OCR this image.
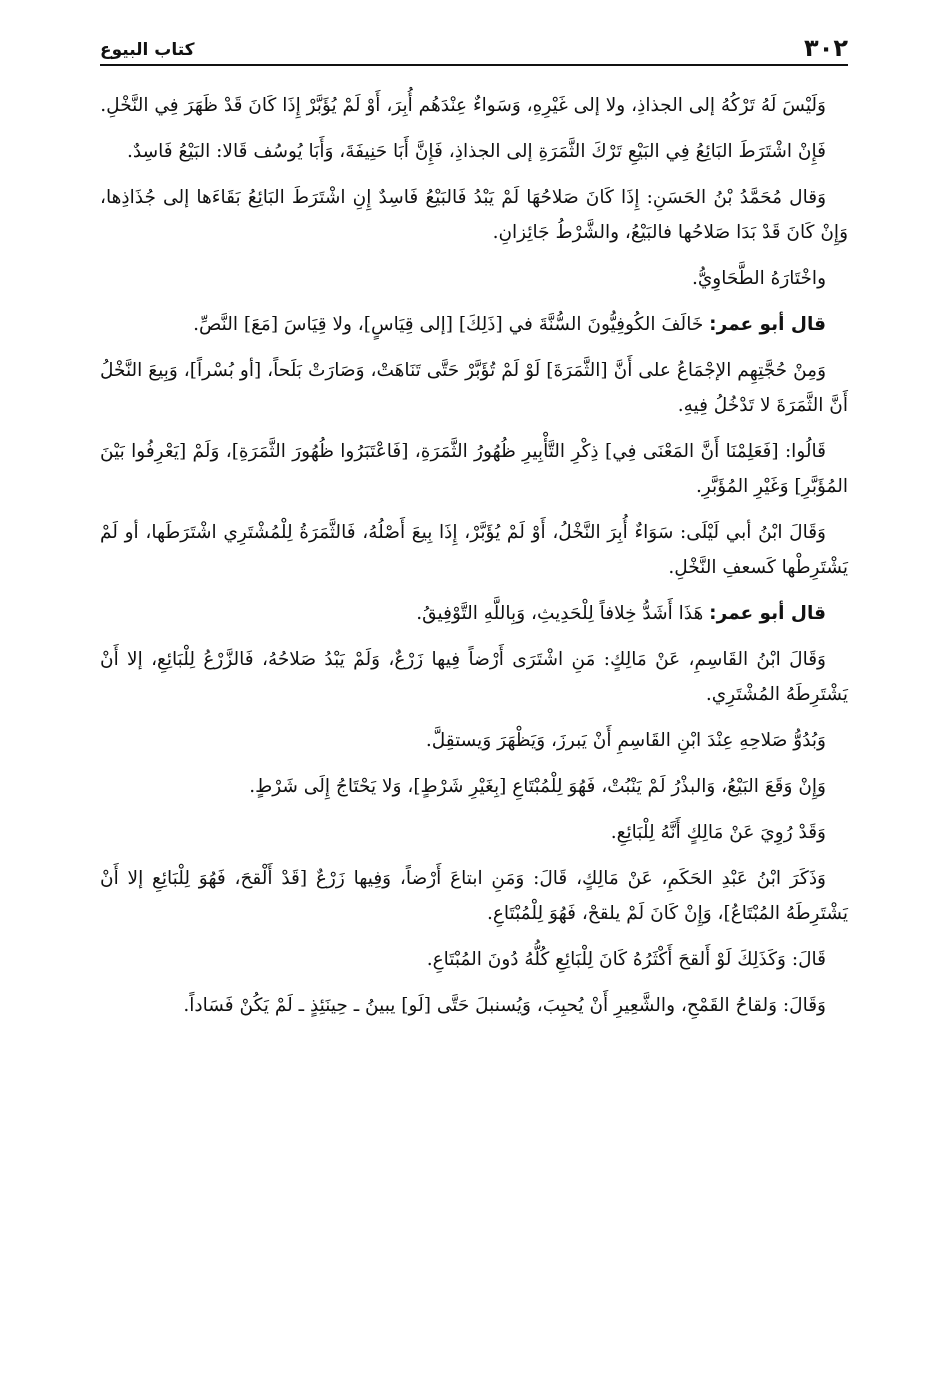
٣٠٢
كتاب البيوع

وَلَيْسَ لَهُ تَرْكُهُ إلى الجذاذِ، ولا إلى غَيْرِهِ، وَسَواءٌ عِنْدَهُم أُبِرَ، أَوْ لَمْ يُؤَبَّرْ إِذَا كَانَ قَدْ ظَهَرَ فِي النَّخْلِ.

فَإِنْ اشْتَرَطَ البَائِعُ فِي البَيْعِ تَرْكَ الثَّمَرَةِ إلى الجذاذِ، فَإِنَّ أَبَا حَنِيفَةَ، وَأَبَا يُوسُف قَالا: البَيْعُ فَاسِدٌ.

وَقال مُحَمَّدُ بْنُ الحَسَنِ: إِذَا كَانَ صَلاحُهَا لَمْ يَبْدُ فَالبَيْعُ فَاسِدٌ إِنِ اشْتَرَطَ البَائِعُ بَقَاءَها إلى جُذَاذِها، وَإِنْ كَانَ قَدْ بَدَا صَلاحُها فالبَيْعُ، والشَّرْطُ جَائِزانِ.

واخْتَارَهُ الطَّحَاوِيُّ.

قال أبو عمر: خَالَفَ الكُوفِيُّونَ السُّنَّةَ في [ذَلِكَ] [إلى قِيَاسٍ]، ولا قِيَاسَ [مَعَ] النَّصِّ.

وَمِنْ حُجَّتِهِم الإجْمَاعُ على أَنَّ [الثَّمَرَةَ] لَوْ لَمْ تُؤَبَّرْ حَتَّى تَنَاهَتْ، وَصَارَتْ بَلَحاً، [أو بُسْراً]، وَبِيعَ النَّخْلُ أَنَّ الثَّمَرَةَ لا تَدْخُلُ فِيهِ.

قَالُوا: [فَعَلِمْنَا أَنَّ المَعْنَى فِي] ذِكْرِ التَّأْبِيرِ ظُهُورُ الثَّمَرَةِ، [فَاعْتَبَرُوا ظُهُورَ الثَّمَرَةِ]، وَلَمْ [يَعْرِفُوا بَيْنَ المُؤَبَّرِ] وَغَيْرِ المُؤَبَّرِ.

وَقَالَ ابْنُ أبي لَيْلَى: سَوَاءٌ أُبِرَ النَّخْلُ، أَوْ لَمْ يُؤَبَّرْ، إِذَا بِيعَ أَصْلُهُ، فَالثَّمَرَةُ لِلْمُشْتَرِي اشْتَرَطَها، أو لَمْ يَشْتَرِطْها كَسعفِ النَّخْلِ.

قال أبو عمر: هَذَا أَشَدُّ خِلافاً لِلْحَدِيثِ، وَبِاللَّهِ التَّوْفِيقُ.

وَقَالَ ابْنُ القَاسِمِ، عَنْ مَالِكٍ: مَنِ اشْتَرَى أَرْضاً فِيها زَرْعٌ، وَلَمْ يَبْدُ صَلاحُهُ، فَالزَّرْعُ لِلْبَائِعِ، إلا أَنْ يَشْتَرِطَهُ المُشْتَرِي.

وَبُدُوُّ صَلاحِهِ عِنْدَ ابْنِ القَاسِمِ أَنْ يَبرزَ، وَيَظْهَرَ وَيستقِلَّ.

وَإِنْ وَقَعَ البَيْعُ، وَالبذْرُ لَمْ يَنْبُتْ، فَهُوَ لِلْمُبْتَاعِ [بِغَيْرِ شَرْطٍ]، وَلا يَحْتَاجُ إِلَى شَرْطٍ.

وَقَدْ رُوِيَ عَنْ مَالِكٍ أَنَّهُ لِلْبَائِعِ.

وَذَكَرَ ابْنُ عَبْدِ الحَكَمِ، عَنْ مَالِكٍ، قَالَ: وَمَنِ ابتاعَ أَرْضاً، وَفِيها زَرْعٌ [قَدْ أَلْقحَ، فَهُوَ لِلْبَائِعِ إلا أَنْ يَشْتَرِطَهُ المُبْتَاعُ]، وَإِنْ كَانَ لَمْ يلقحْ، فَهُوَ لِلْمُبْتَاعِ.

قَالَ: وَكَذَلِكَ لَوْ أَلقحَ أَكْثَرُهُ كَانَ لِلْبَائِعِ كُلُّهُ دُونَ المُبْتَاعِ.

وَقَالَ: وَلقاحُ القَمْحِ، والشَّعِيرِ أَنْ يُحبِبَ، وَيُسنبلَ حَتَّى [لَو] يبينُ ـ حِينَئِذٍ ـ لَمْ يَكُنْ فَسَاداً.
